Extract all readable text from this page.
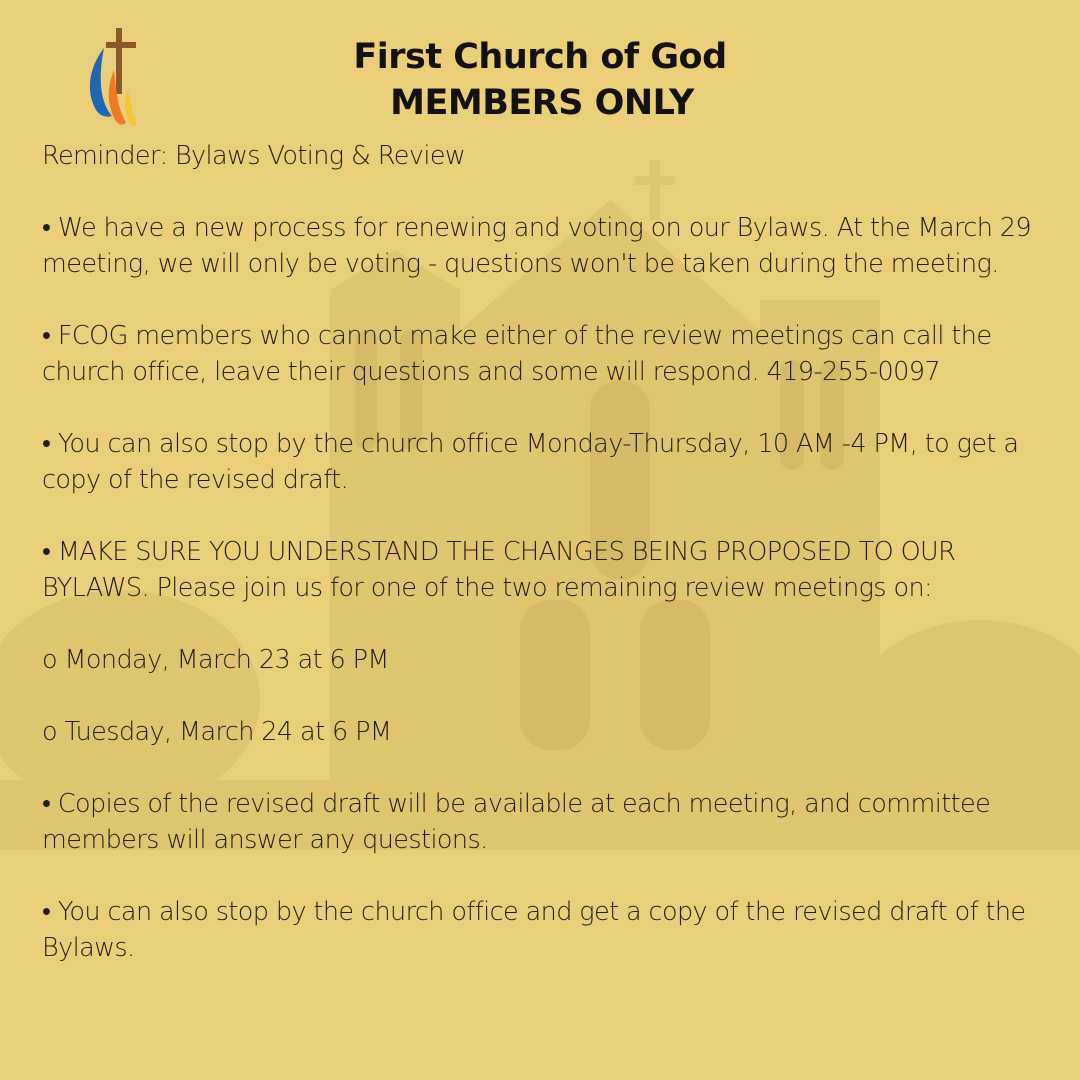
First Church of God
MEMBERS ONLY

Reminder: Bylaws Voting & Review

• We have a new process for renewing and voting on our Bylaws. At the March 29 meeting, we will only be voting - questions won't be taken during the meeting.

• FCOG members who cannot make either of the review meetings can call the church office, leave their questions and some will respond. 419-255-0097

• You can also stop by the church office Monday-Thursday, 10 AM -4 PM, to get a copy of the revised draft.

• MAKE SURE YOU UNDERSTAND THE CHANGES BEING PROPOSED TO OUR BYLAWS. Please join us for one of the two remaining review meetings on:

o Monday, March 23 at 6 PM

o Tuesday, March 24 at 6 PM

• Copies of the revised draft will be available at each meeting, and committee members will answer any questions.

• You can also stop by the church office and get a copy of the revised draft of the Bylaws.
